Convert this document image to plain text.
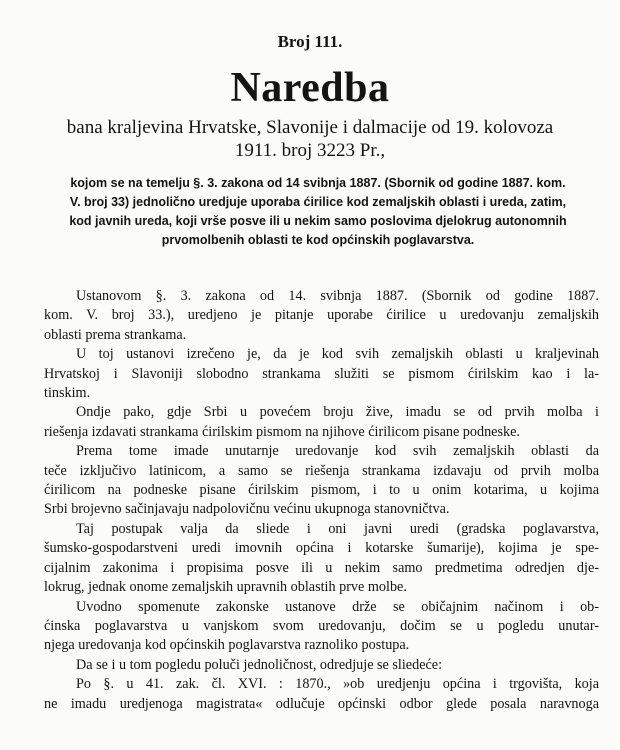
Broj 111.
Naredba
bana kraljevina Hrvatske, Slavonije i dalmacije od 19. kolovoza
1911. broj 3223 Pr.,
kojom se na temelju §. 3. zakona od 14 svibnja 1887. (Sbornik od godine 1887. kom.
V. broj 33) jednolično uredjuje uporaba ćirilice kod zemaljskih oblasti i ureda, zatim,
kod javnih ureda, koji vrše posve ili u nekim samo poslovima djelokrug autonomnih
prvomolbenih oblasti te kod općinskih poglavarstva.
Ustanovom §. 3. zakona od 14. svibnja 1887. (Sbornik od godine 1887.
kom. V. broj 33.), uredjeno je pitanje uporabe ćirilice u uredovanju zemaljskih
oblasti prema strankama.
U toj ustanovi izrečeno je, da je kod svih zemaljskih oblasti u kraljevinah
Hrvatskoj i Slavoniji slobodno strankama služiti se pismom ćirilskim kao i la-
tinskim.
Ondje pako, gdje Srbi u povećem broju žive, imadu se od prvih molba i
riešenja izdavati strankama ćirilskim pismom na njihove ćirilicom pisane podneske.
Prema tome imade unutarnje uredovanje kod svih zemaljskih oblasti da
teče izključivo latinicom, a samo se riešenja strankama izdavaju od prvih molba
ćirilicom na podneske pisane ćirilskim pismom, i to u onim kotarima, u kojima
Srbi brojevno sačinjavaju nadpolovičnu većinu ukupnoga stanovničtva.
Taj postupak valja da sliede i oni javni uredi (gradska poglavarstva,
šumsko-gospodarstveni uredi imovnih općina i kotarske šumarije), kojima je spe-
cijalnim zakonima i propisima posve ili u nekim samo predmetima odredjen dje-
lokrug, jednak onome zemaljskih upravnih oblastih prve molbe.
Uvodno spomenute zakonske ustanove drže se običajnim načinom i ob-
ćinska poglavarstva u vanjskom svom uredovanju, dočim se u pogledu unutar-
njega uredovanja kod općinskih poglavarstva raznoliko postupa.
Da se i u tom pogledu poluči jednoličnost, odredjuje se sliedeće:
Po §. u 41. zak. čl. XVI. : 1870., »ob uredjenju općina i trgovišta, koja
ne imadu uredjenoga magistrata« odlučuje općinski odbor glede posala naravnoga
